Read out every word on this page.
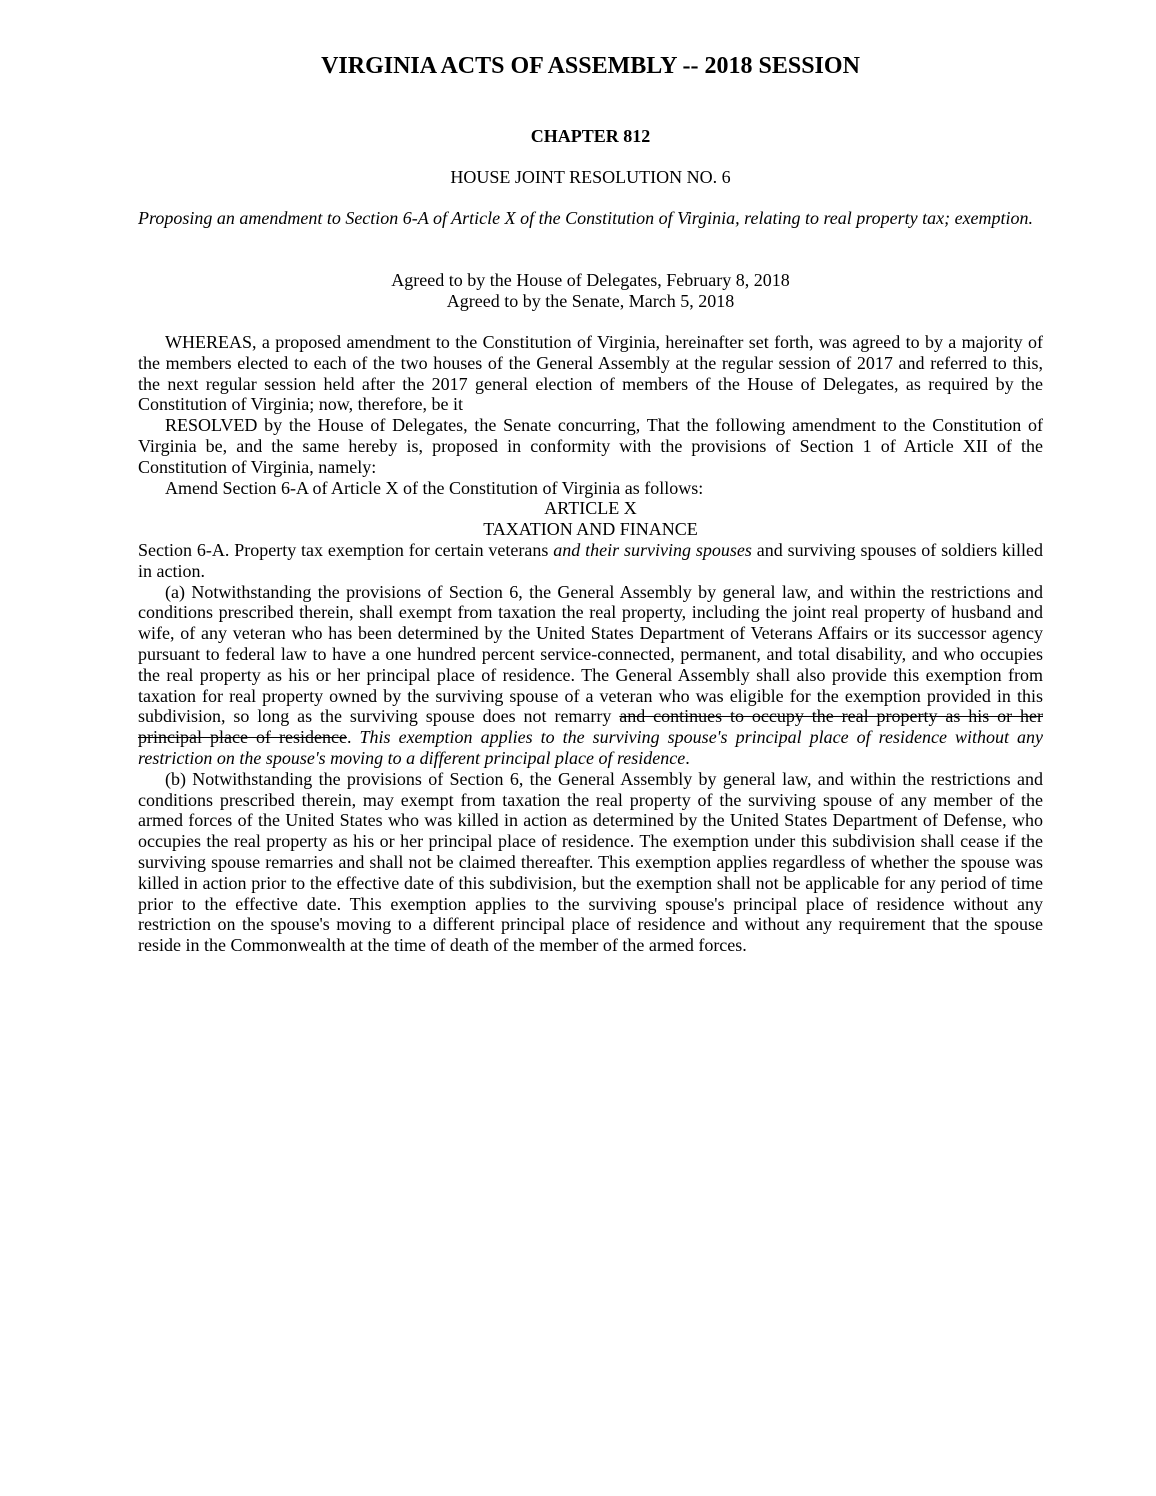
VIRGINIA ACTS OF ASSEMBLY -- 2018 SESSION

CHAPTER 812

HOUSE JOINT RESOLUTION NO. 6

Proposing an amendment to Section 6-A of Article X of the Constitution of Virginia, relating to real property tax; exemption.

Agreed to by the House of Delegates, February 8, 2018
Agreed to by the Senate, March 5, 2018

WHEREAS, a proposed amendment to the Constitution of Virginia, hereinafter set forth, was agreed to by a majority of the members elected to each of the two houses of the General Assembly at the regular session of 2017 and referred to this, the next regular session held after the 2017 general election of members of the House of Delegates, as required by the Constitution of Virginia; now, therefore, be it

RESOLVED by the House of Delegates, the Senate concurring, That the following amendment to the Constitution of Virginia be, and the same hereby is, proposed in conformity with the provisions of Section 1 of Article XII of the Constitution of Virginia, namely:

Amend Section 6-A of Article X of the Constitution of Virginia as follows:

ARTICLE X

TAXATION AND FINANCE

Section 6-A. Property tax exemption for certain veterans and their surviving spouses and surviving spouses of soldiers killed in action.

(a) Notwithstanding the provisions of Section 6, the General Assembly by general law, and within the restrictions and conditions prescribed therein, shall exempt from taxation the real property, including the joint real property of husband and wife, of any veteran who has been determined by the United States Department of Veterans Affairs or its successor agency pursuant to federal law to have a one hundred percent service-connected, permanent, and total disability, and who occupies the real property as his or her principal place of residence. The General Assembly shall also provide this exemption from taxation for real property owned by the surviving spouse of a veteran who was eligible for the exemption provided in this subdivision, so long as the surviving spouse does not remarry and continues to occupy the real property as his or her principal place of residence. This exemption applies to the surviving spouse's principal place of residence without any restriction on the spouse's moving to a different principal place of residence.

(b) Notwithstanding the provisions of Section 6, the General Assembly by general law, and within the restrictions and conditions prescribed therein, may exempt from taxation the real property of the surviving spouse of any member of the armed forces of the United States who was killed in action as determined by the United States Department of Defense, who occupies the real property as his or her principal place of residence. The exemption under this subdivision shall cease if the surviving spouse remarries and shall not be claimed thereafter. This exemption applies regardless of whether the spouse was killed in action prior to the effective date of this subdivision, but the exemption shall not be applicable for any period of time prior to the effective date. This exemption applies to the surviving spouse's principal place of residence without any restriction on the spouse's moving to a different principal place of residence and without any requirement that the spouse reside in the Commonwealth at the time of death of the member of the armed forces.
